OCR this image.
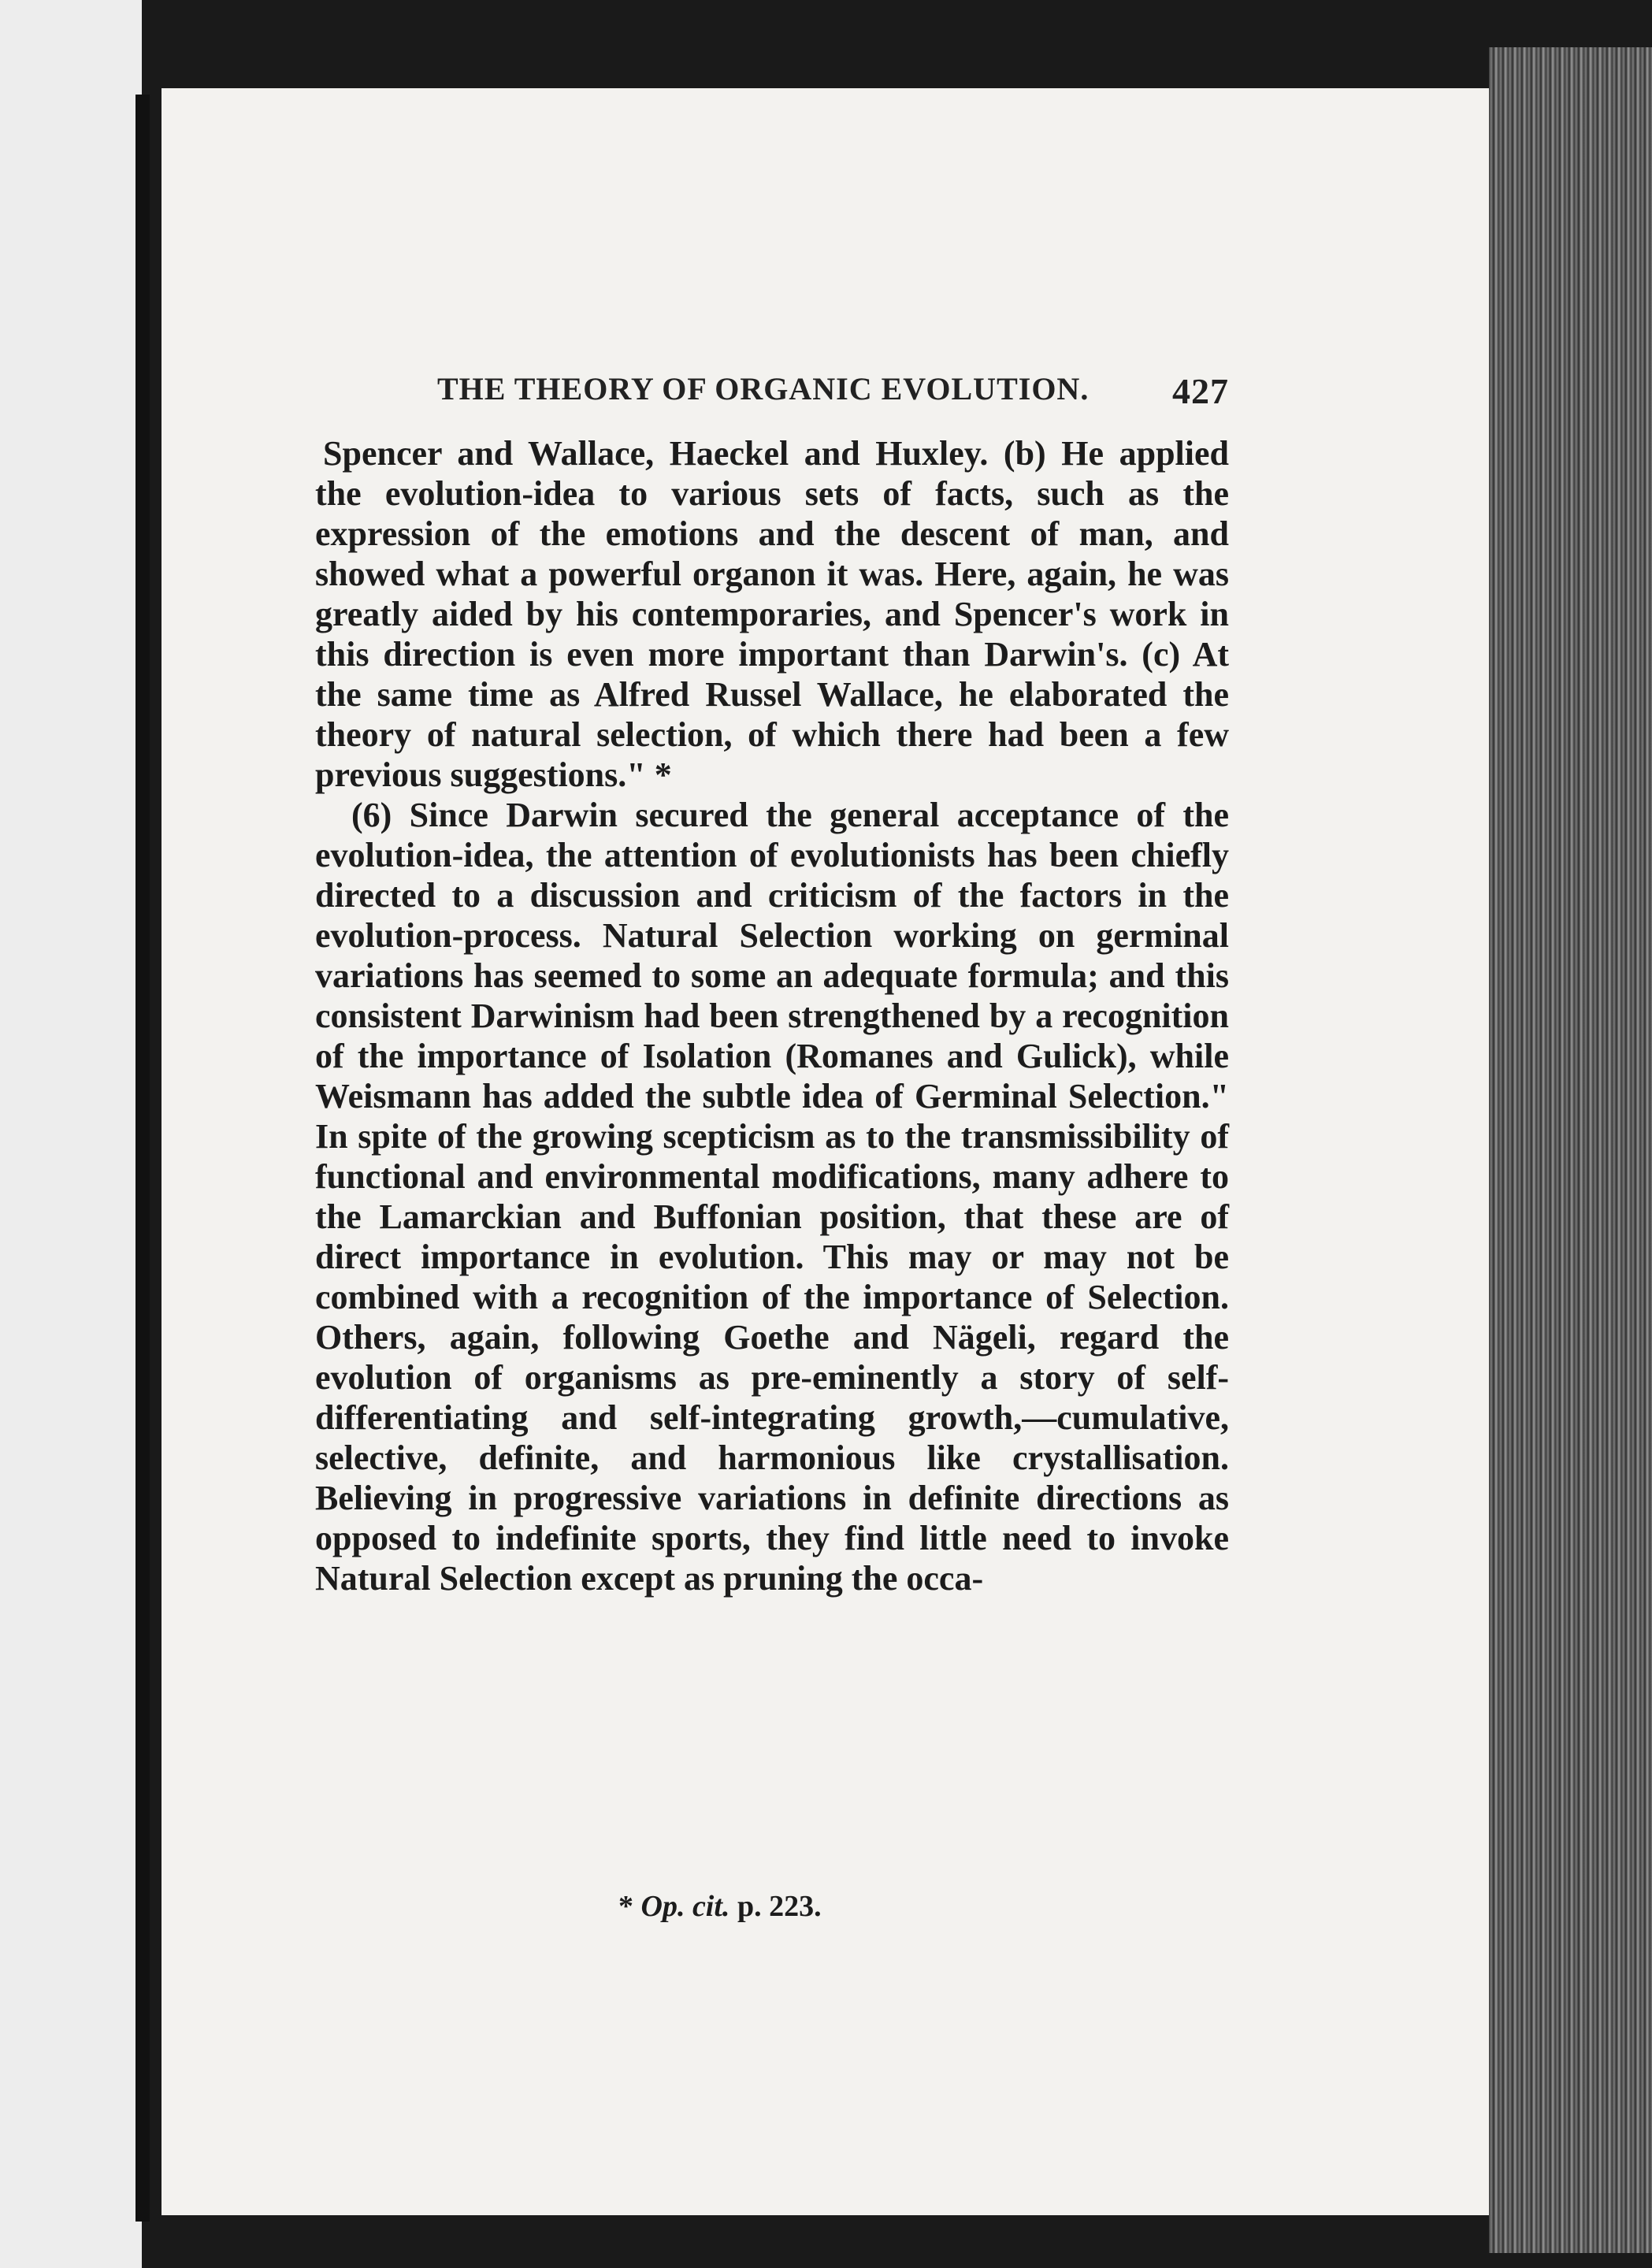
THE THEORY OF ORGANIC EVOLUTION. 427

Spencer and Wallace, Haeckel and Huxley. (b) He applied the evolution-idea to various sets of facts, such as the expression of the emotions and the descent of man, and showed what a powerful organon it was. Here, again, he was greatly aided by his contemporaries, and Spencer's work in this direction is even more important than Darwin's. (c) At the same time as Alfred Russel Wallace, he elaborated the theory of natural selection, of which there had been a few previous suggestions." *

(6) Since Darwin secured the general acceptance of the evolution-idea, the attention of evolutionists has been chiefly directed to a discussion and criticism of the factors in the evolution-process. Natural Selection working on germinal variations has seemed to some an adequate formula; and this consistent Darwinism had been strengthened by a recognition of the importance of Isolation (Romanes and Gulick), while Weismann has added the subtle idea of Germinal Selection." In spite of the growing scepticism as to the transmissibility of functional and environmental modifications, many adhere to the Lamarckian and Buffonian position, that these are of direct importance in evolution. This may or may not be combined with a recognition of the importance of Selection. Others, again, following Goethe and Nägeli, regard the evolution of organisms as pre-eminently a story of self-differentiating and self-integrating growth,—cumulative, selective, definite, and harmonious like crystallisation. Believing in progressive variations in definite directions as opposed to indefinite sports, they find little need to invoke Natural Selection except as pruning the occa-

* Op. cit. p. 223.
